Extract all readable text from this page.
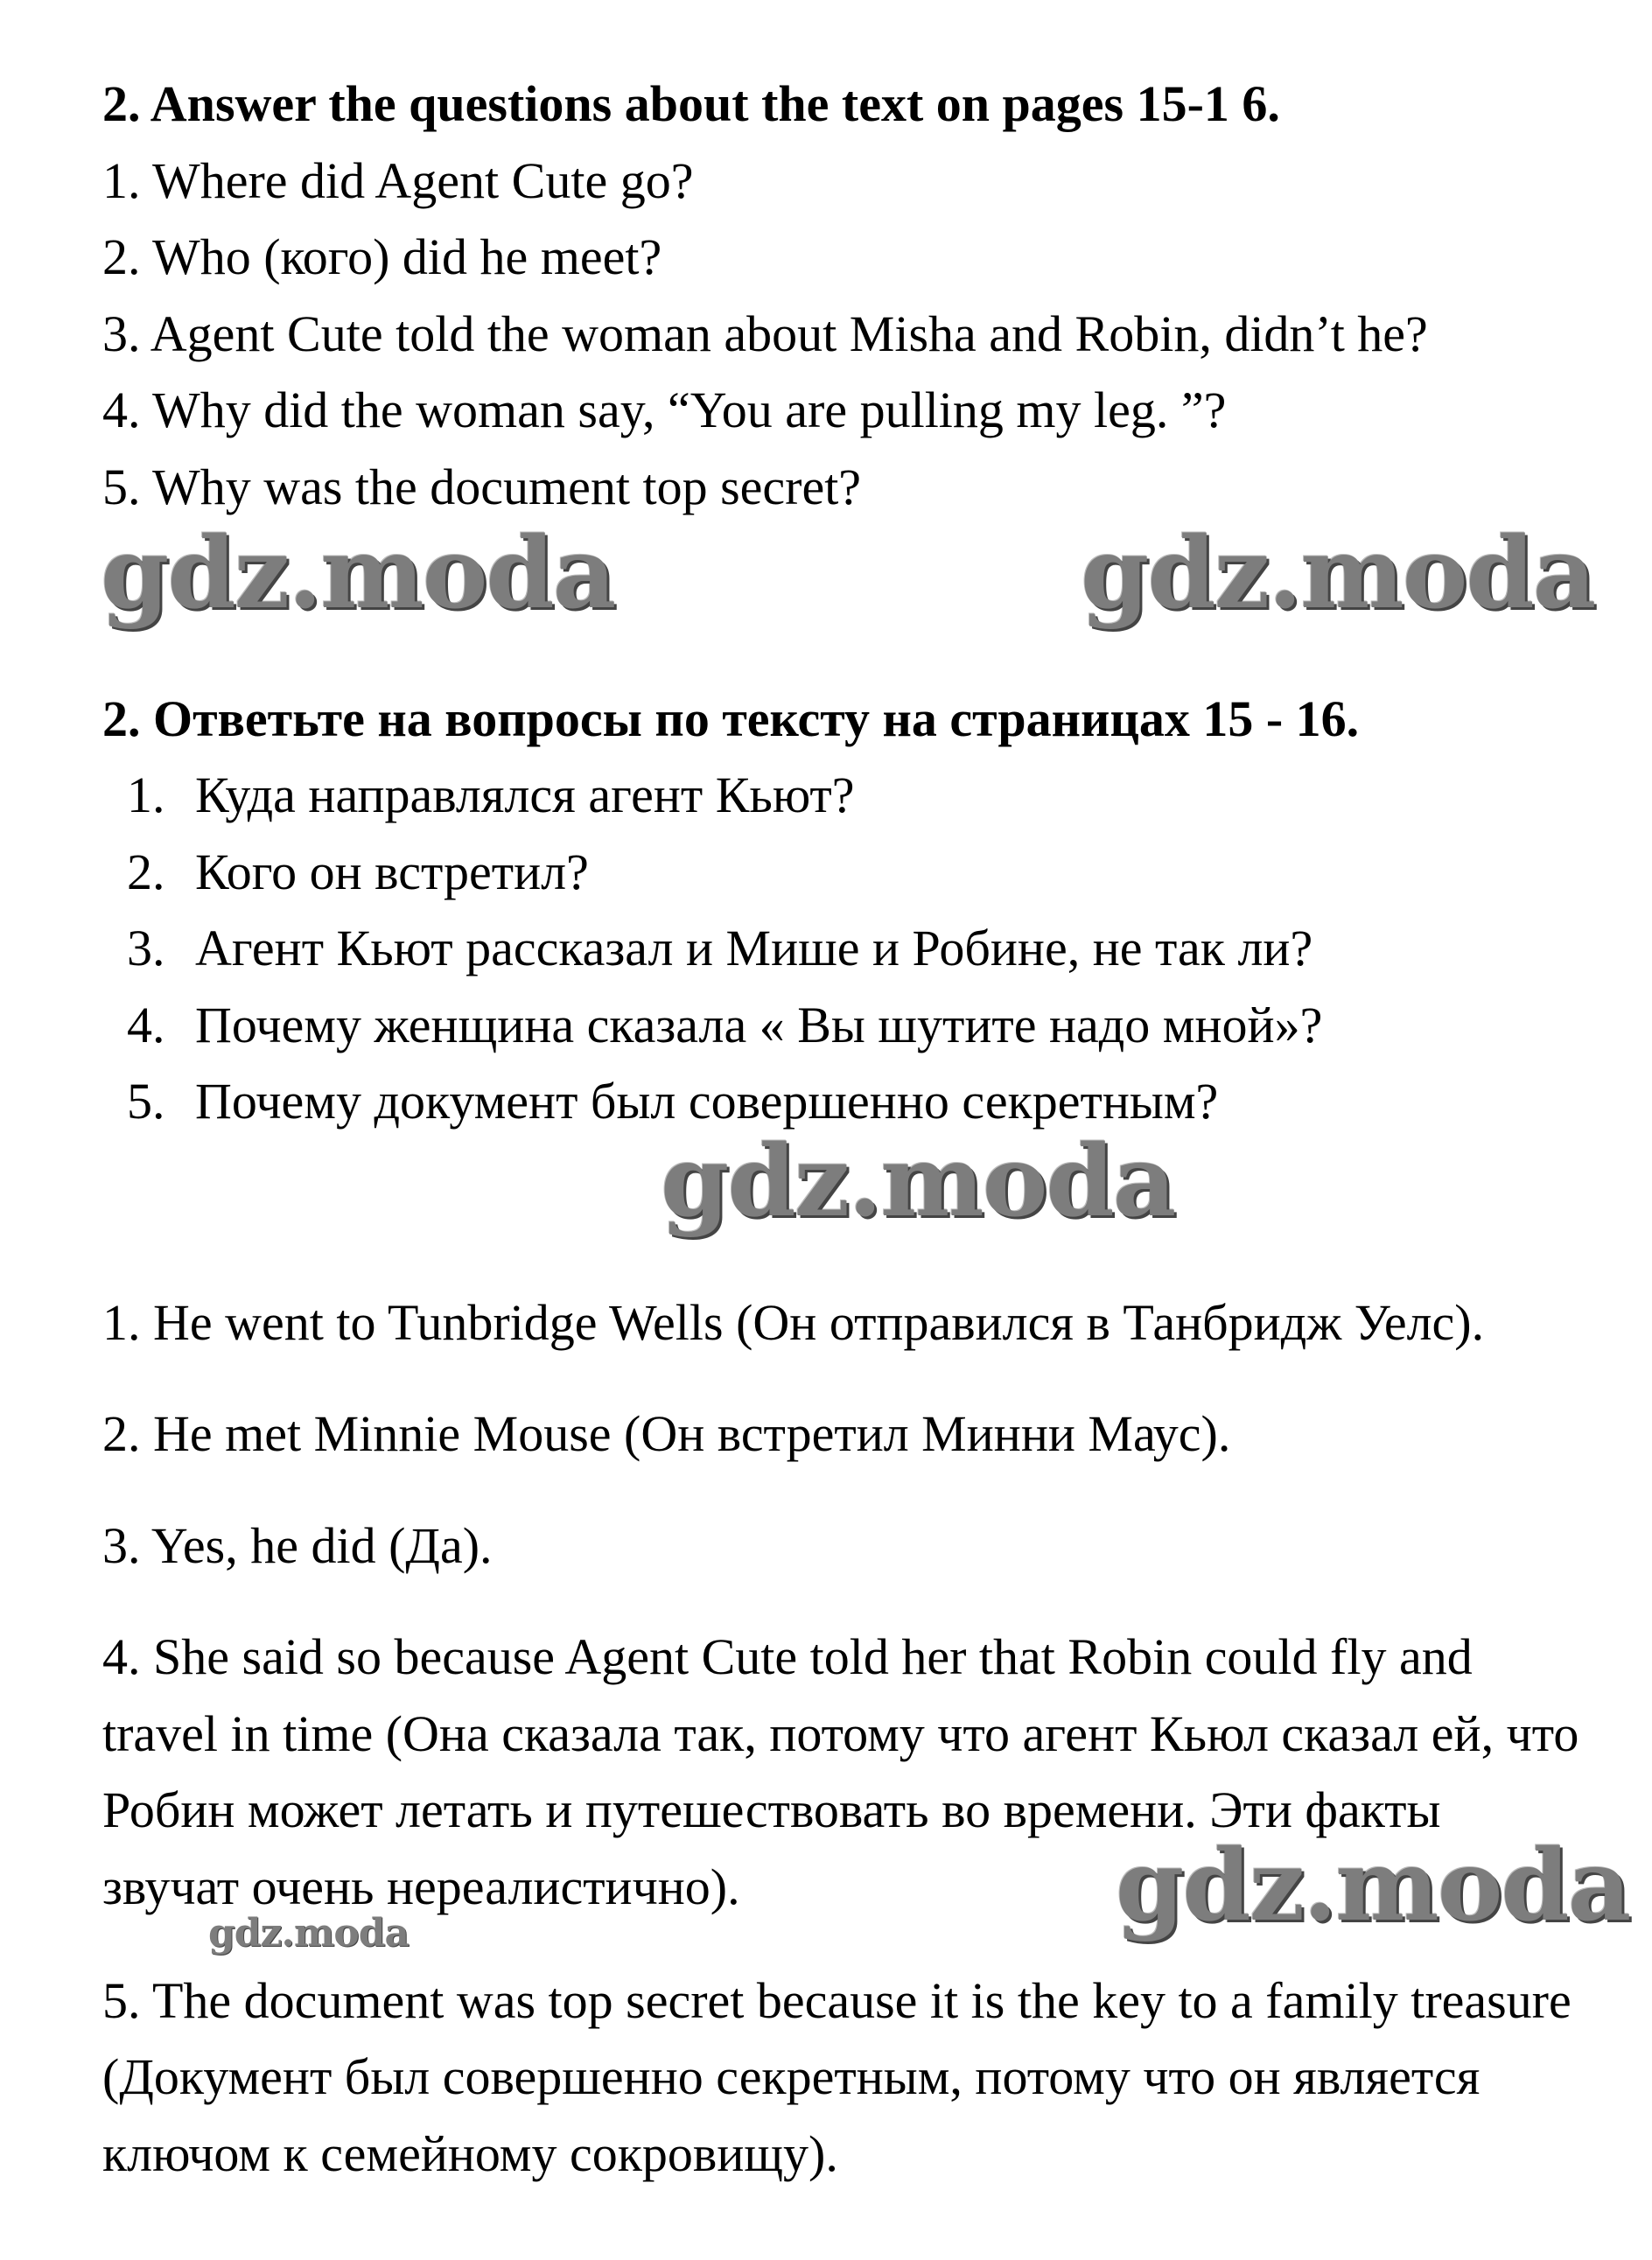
2. Answer the questions about the text on pages 15-1 6.
1. Where did Agent Cute go?
2. Who (кого) did he meet?
3. Agent Cute told the woman about Misha and Robin, didn’t he?
4. Why did the woman say, “You are pulling my leg. ”?
5. Why was the document top secret?
gdz.moda	gdz.moda
2. Ответьте на вопросы по тексту на страницах 15 - 16.
1. Куда направлялся агент Кьют?
2. Кого он встретил?
3. Агент Кьют рассказал и Мише и Робине, не так ли?
4. Почему женщина сказала « Вы шутите надо мной»?
5. Почему документ был совершенно секретным?
gdz.moda
1. He went to Tunbridge Wells (Он отправился в Танбридж Уелс).
2. He met Minnie Mouse (Он встретил Минни Маус).
3. Yes, he did (Да).
4. She said so because Agent Cute told her that Robin could fly and
travel in time (Она сказала так, потому что агент Кьюл сказал ей, что
Робин может летать и путешествовать во времени. Эти факты
звучат очень нереалистично).	gdz.moda
gdz.moda
5. The document was top secret because it is the key to a family treasure
(Документ был совершенно секретным, потому что он является
ключом к семейному сокровищу).
